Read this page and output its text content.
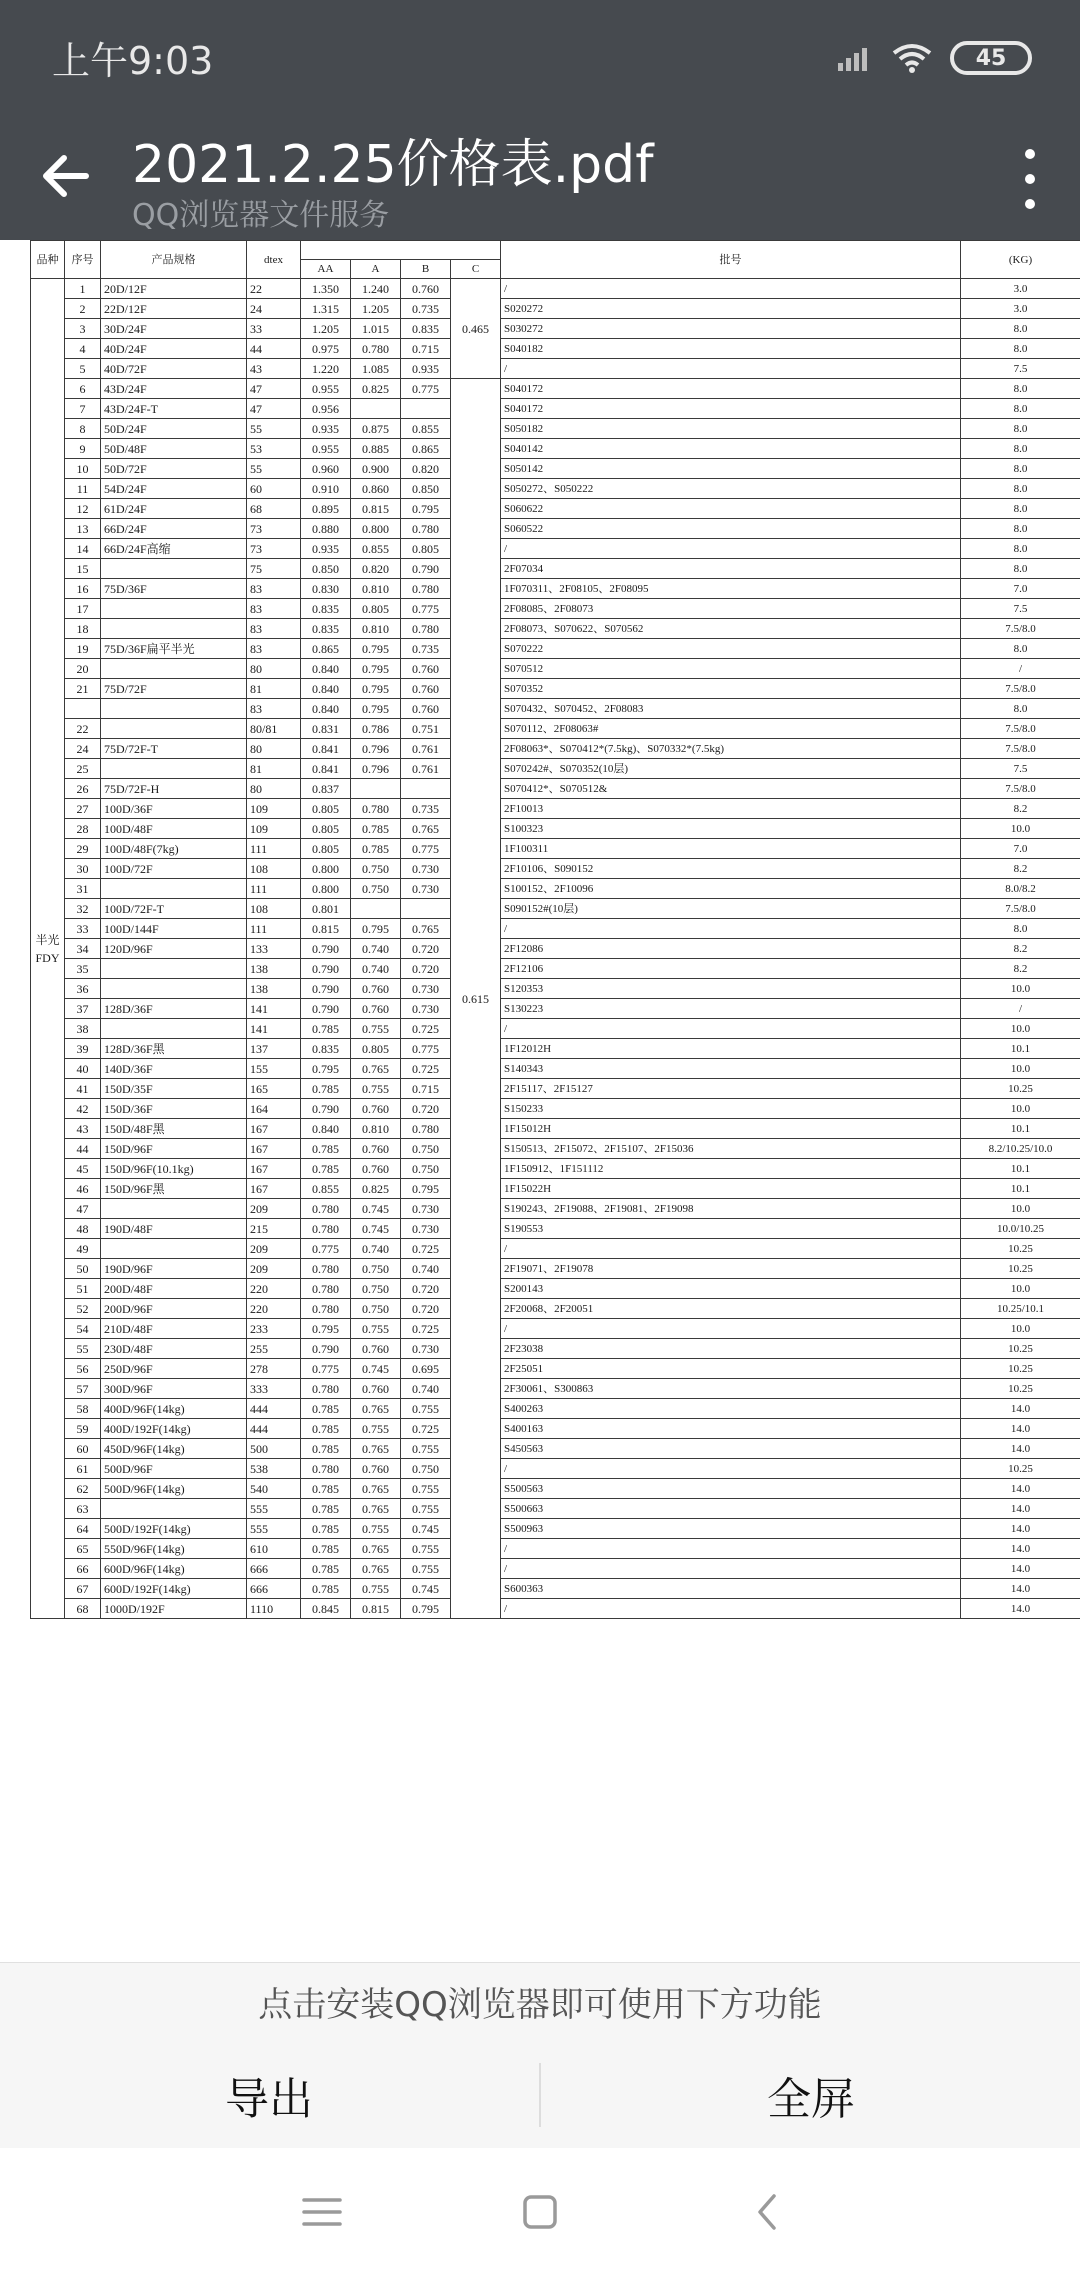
上午9:03	45
2021.2.25价格表.pdf
QQ浏览器文件服务
品种	序号	产品规格	dtex					批号	(KG)
				AA	A	B	C		
半光
FDY	1	20D/12F	22	1.350	1.240	0.760	0.465	/	3.0
	2	22D/12F	24	1.315	1.205	0.735		S020272	3.0
	3	30D/24F	33	1.205	1.015	0.835		S030272	8.0
	4	40D/24F	44	0.975	0.780	0.715		S040182	8.0
	5	40D/72F	43	1.220	1.085	0.935		/	7.5
	6	43D/24F	47	0.955	0.825	0.775	0.615	S040172	8.0
	7	43D/24F-T	47	0.956				S040172	8.0
	8	50D/24F	55	0.935	0.875	0.855		S050182	8.0
	9	50D/48F	53	0.955	0.885	0.865		S040142	8.0
	10	50D/72F	55	0.960	0.900	0.820		S050142	8.0
	11	54D/24F	60	0.910	0.860	0.850		S050272、S050222	8.0
	12	61D/24F	68	0.895	0.815	0.795		S060622	8.0
	13	66D/24F	73	0.880	0.800	0.780		S060522	8.0
	14	66D/24F高缩	73	0.935	0.855	0.805		/	8.0
	15		75	0.850	0.820	0.790		2F07034	8.0
	16	75D/36F	83	0.830	0.810	0.780		1F070311、2F08105、2F08095	7.0
	17		83	0.835	0.805	0.775		2F08085、2F08073	7.5
	18		83	0.835	0.810	0.780		2F08073、S070622、S070562	7.5/8.0
	19	75D/36F扁平半光	83	0.865	0.795	0.735		S070222	8.0
	20		80	0.840	0.795	0.760		S070512	/
	21	75D/72F	81	0.840	0.795	0.760		S070352	7.5/8.0
			83	0.840	0.795	0.760		S070432、S070452、2F08083	8.0
	22		80/81	0.831	0.786	0.751		S070112、2F08063#	7.5/8.0
	24	75D/72F-T	80	0.841	0.796	0.761		2F08063*、S070412*(7.5kg)、S070332*(7.5kg)	7.5/8.0
	25		81	0.841	0.796	0.761		S070242#、S070352(10层)	7.5
	26	75D/72F-H	80	0.837				S070412*、S070512&	7.5/8.0
	27	100D/36F	109	0.805	0.780	0.735		2F10013	8.2
	28	100D/48F	109	0.805	0.785	0.765		S100323	10.0
	29	100D/48F(7kg)	111	0.805	0.785	0.775		1F100311	7.0
	30	100D/72F	108	0.800	0.750	0.730		2F10106、S090152	8.2
	31		111	0.800	0.750	0.730		S100152、2F10096	8.0/8.2
	32	100D/72F-T	108	0.801				S090152#(10层)	7.5/8.0
	33	100D/144F	111	0.815	0.795	0.765		/	8.0
	34	120D/96F	133	0.790	0.740	0.720		2F12086	8.2
	35		138	0.790	0.740	0.720		2F12106	8.2
	36		138	0.790	0.760	0.730		S120353	10.0
	37	128D/36F	141	0.790	0.760	0.730		S130223	/
	38		141	0.785	0.755	0.725		/	10.0
	39	128D/36F黑	137	0.835	0.805	0.775		1F12012H	10.1
	40	140D/36F	155	0.795	0.765	0.725		S140343	10.0
	41	150D/35F	165	0.785	0.755	0.715		2F15117、2F15127	10.25
	42	150D/36F	164	0.790	0.760	0.720		S150233	10.0
	43	150D/48F黑	167	0.840	0.810	0.780		1F15012H	10.1
	44	150D/96F	167	0.785	0.760	0.750		S150513、2F15072、2F15107、2F15036	8.2/10.25/10.0
	45	150D/96F(10.1kg)	167	0.785	0.760	0.750		1F150912、1F151112	10.1
	46	150D/96F黑	167	0.855	0.825	0.795		1F15022H	10.1
	47		209	0.780	0.745	0.730		S190243、2F19088、2F19081、2F19098	10.0
	48	190D/48F	215	0.780	0.745	0.730		S190553	10.0/10.25
	49		209	0.775	0.740	0.725		/	10.25
	50	190D/96F	209	0.780	0.750	0.740		2F19071、2F19078	10.25
	51	200D/48F	220	0.780	0.750	0.720		S200143	10.0
	52	200D/96F	220	0.780	0.750	0.720		2F20068、2F20051	10.25/10.1
	54	210D/48F	233	0.795	0.755	0.725		/	10.0
	55	230D/48F	255	0.790	0.760	0.730		2F23038	10.25
	56	250D/96F	278	0.775	0.745	0.695		2F25051	10.25
	57	300D/96F	333	0.780	0.760	0.740		2F30061、S300863	10.25
	58	400D/96F(14kg)	444	0.785	0.765	0.755		S400263	14.0
	59	400D/192F(14kg)	444	0.785	0.755	0.725		S400163	14.0
	60	450D/96F(14kg)	500	0.785	0.765	0.755		S450563	14.0
	61	500D/96F	538	0.780	0.760	0.750		/	10.25
	62	500D/96F(14kg)	540	0.785	0.765	0.755		S500563	14.0
	63		555	0.785	0.765	0.755		S500663	14.0
	64	500D/192F(14kg)	555	0.785	0.755	0.745		S500963	14.0
	65	550D/96F(14kg)	610	0.785	0.765	0.755		/	14.0
	66	600D/96F(14kg)	666	0.785	0.765	0.755		/	14.0
	67	600D/192F(14kg)	666	0.785	0.755	0.745		S600363	14.0
	68	1000D/192F	1110	0.845	0.815	0.795		/	14.0
点击安装QQ浏览器即可使用下方功能
导出	全屏
